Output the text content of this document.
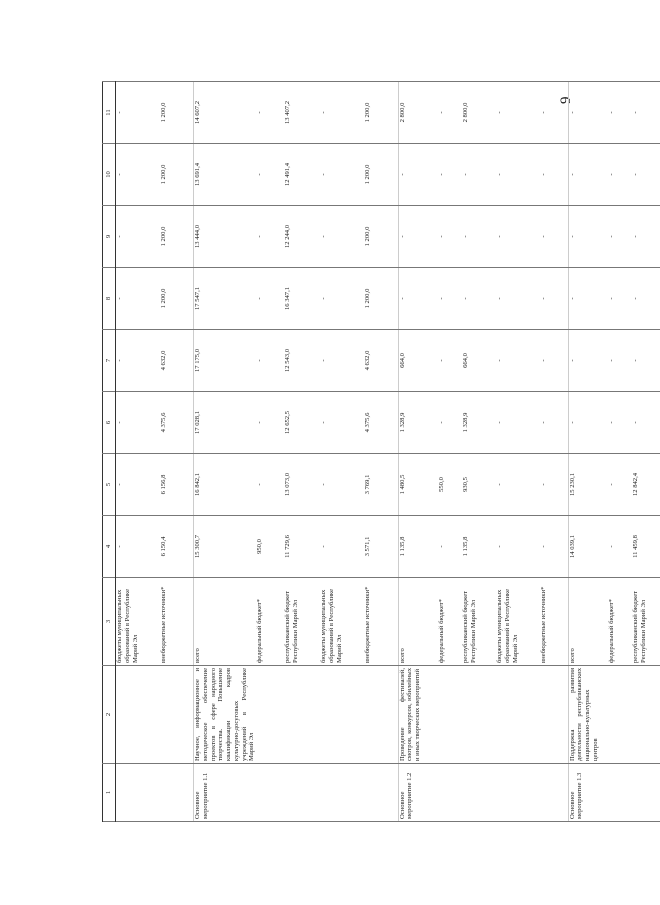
9
1	2	3	4	5	6	7	8	9	10	11
		бюджеты муниципальных образований в Республике Марий Эл	-	-	-	-	-	-	-	-
		внебюджетные источники*	6 150,4	6 156,8	4 375,6	4 632,0	1 200,0	1 200,0	1 200,0	1 200,0
Основное мероприятие 1.1	Научное, информационное и методическое обеспечение проектов в сфере народного творчества. Повышение квалификации кадров культурно-досуговых учреждений в Республике Марий Эл	всего	15 300,7	16 842,1	17 028,1	17 175,0	17 547,1	13 444,0	13 691,4	14 607,2
		федеральный бюджет*	950,0	-	-	-	-	-	-	-
		республиканский бюджет Республики Марий Эл	11 729,6	13 073,0	12 652,5	12 543,0	16 347,1	12 244,0	12 491,4	13 407,2
		бюджеты муниципальных образований в Республике Марий Эл	-	-	-	-	-	-	-	-
		внебюджетные источники*	3 571,1	3 769,1	4 375,6	4 632,0	1 200,0	1 200,0	1 200,0	1 200,0
Основное мероприятие 1.2	Проведение фестивалей, смотров, конкурсов, юбилейных и иных творческих мероприятий	всего	1 135,8	1 480,5	1 328,9	664,0	-	-	-	2 800,0
		федеральный бюджет*	-	550,0	-	-	-	-	-	-
		республиканский бюджет Республики Марий Эл	1 135,8	930,5	1 328,9	664,0	-	-	-	2 800,0
		бюджеты муниципальных образований в Республике Марий Эл	-	-	-	-	-	-	-	-
		внебюджетные источники*	-	-	-	-	-	-	-	-
Основное мероприятие 1.3	Поддержка развития деятельности республиканских национально-культурных центров	всего	14 039,1	15 230,1	-	-	-	-	-	-
		федеральный бюджет*	-	-	-	-	-	-	-	-
		республиканский бюджет Республики Марий Эл	11 459,8	12 842,4	-	-	-	-	-	-
